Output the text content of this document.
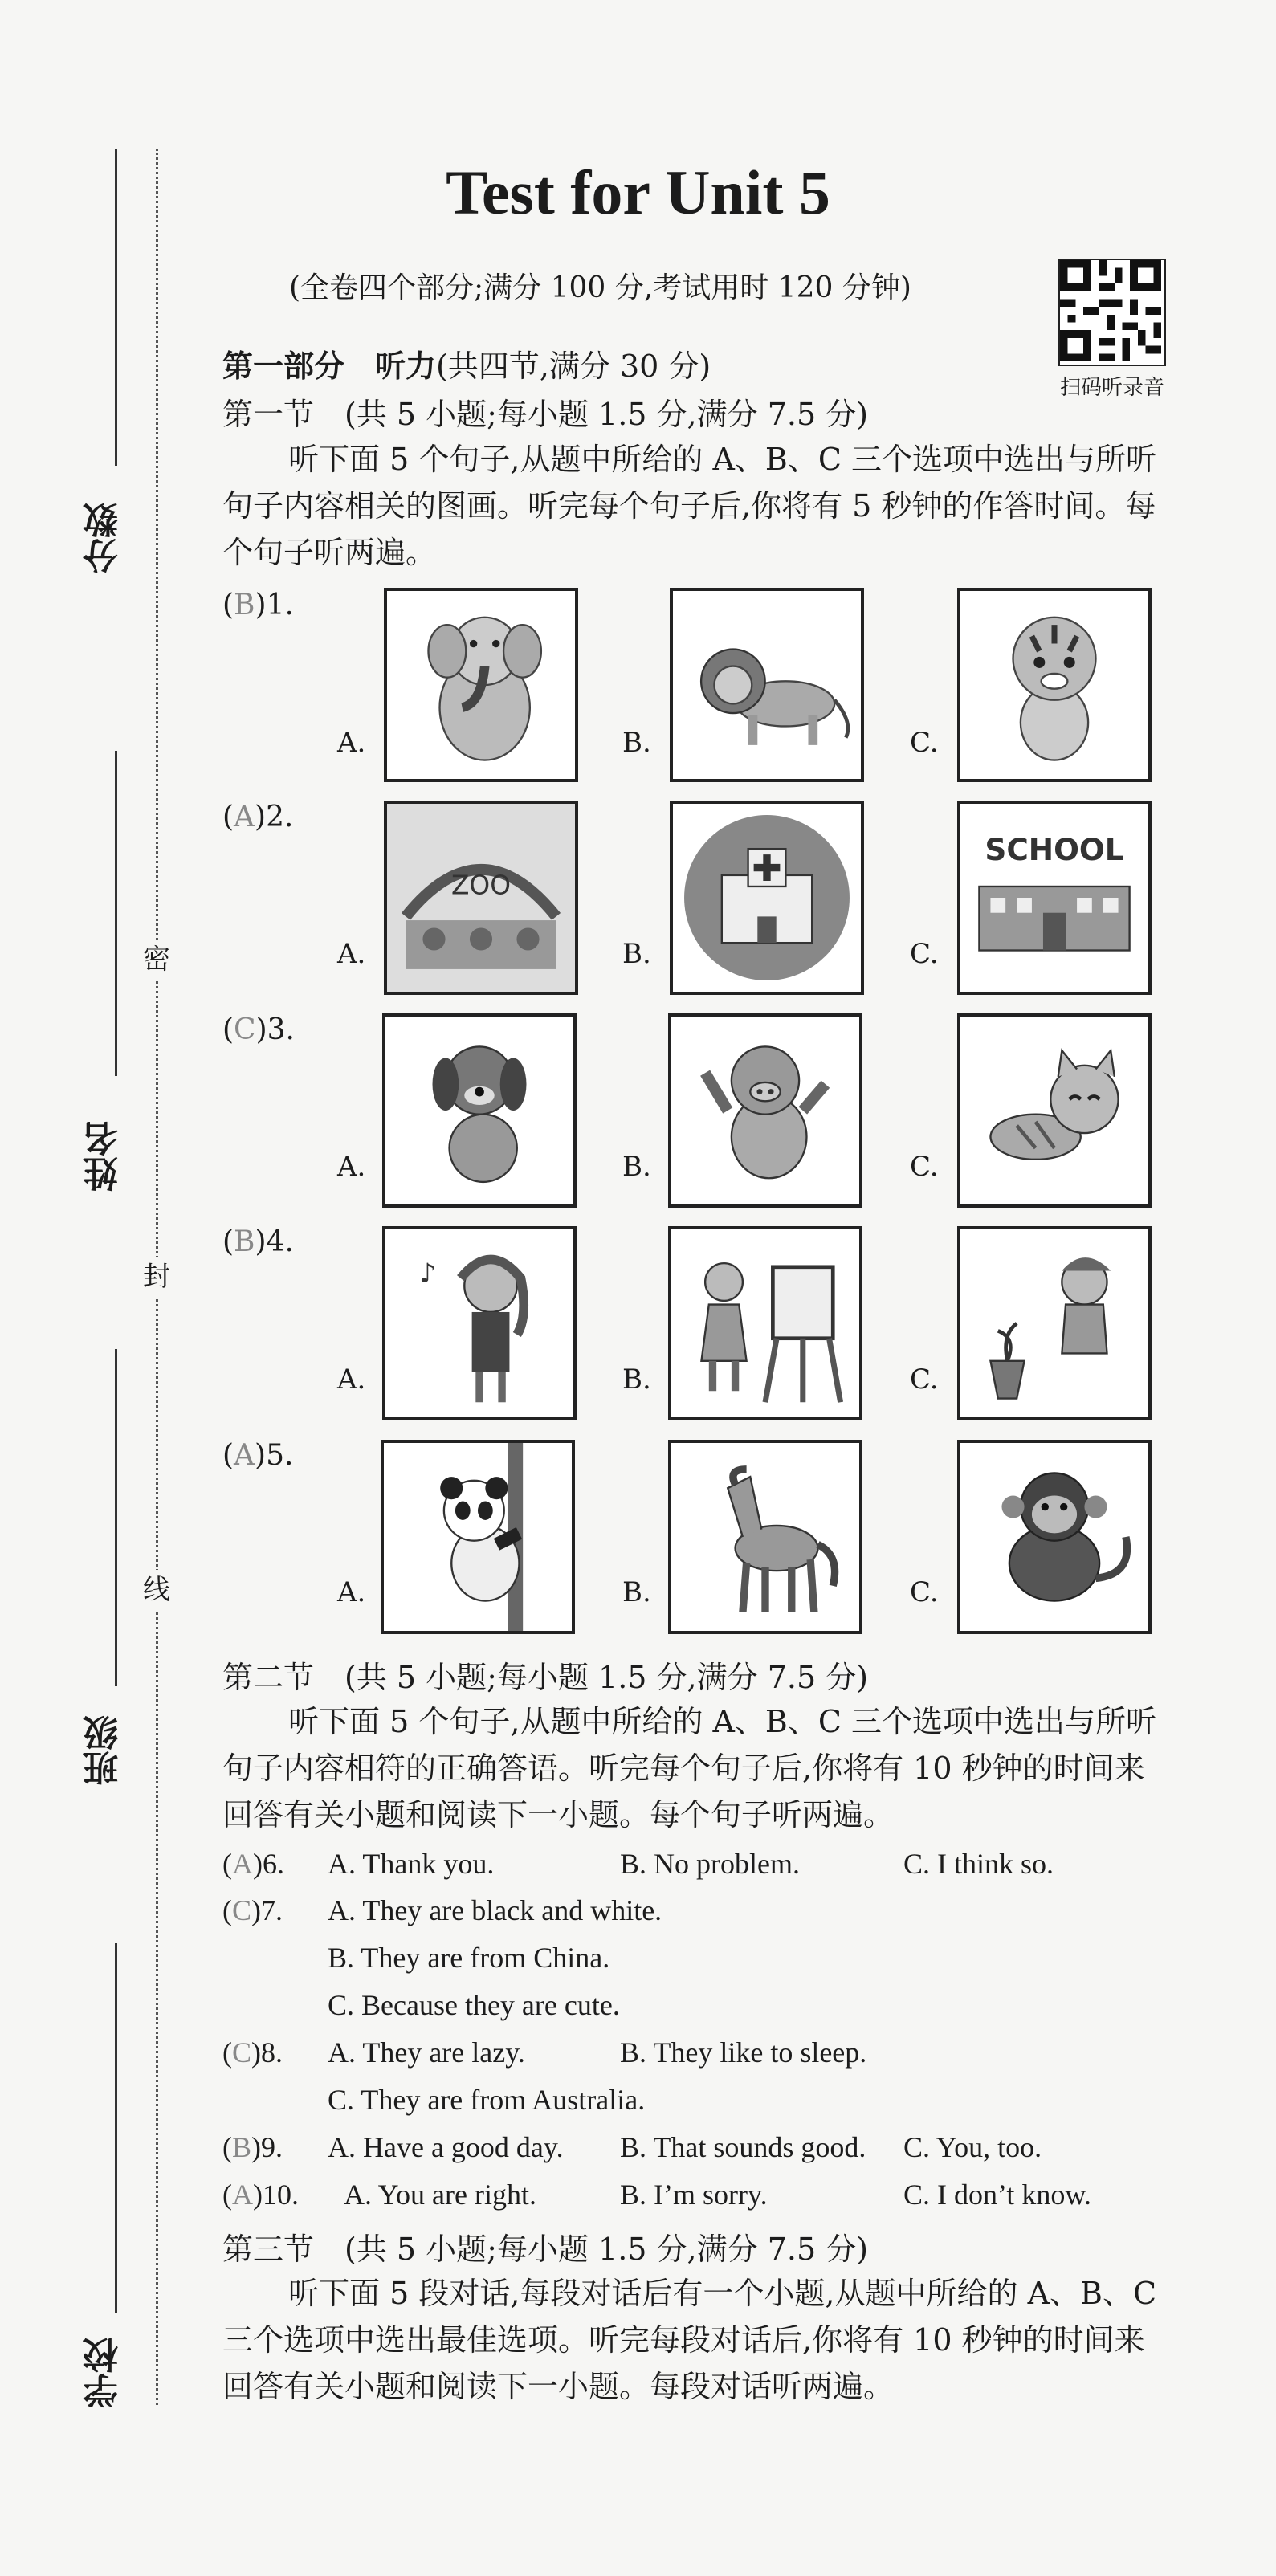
分数
姓名
班级
学校
密
封
线
Test for Unit 5
(全卷四个部分;满分 100 分,考试用时 120 分钟)
扫码听录音
第一部分　听力(共四节,满分 30 分)
第一节　(共 5 小题;每小题 1.5 分,满分 7.5 分)
听下面 5 个句子,从题中所给的 A、B、C 三个选项中选出与所听句子内容相关的图画。听完每个句子后,你将有 5 秒钟的作答时间。每个句子听两遍。
(B)1.
A.	B.	C.
(A)2.
A.
ZOO
B.	C.
SCHOOL
(C)3.
A.	B.	C.
(B)4.
A.
♪
B.	C.
(A)5.
A.	B.	C.
第二节　(共 5 小题;每小题 1.5 分,满分 7.5 分)
听下面 5 个句子,从题中所给的 A、B、C 三个选项中选出与所听句子内容相符的正确答语。听完每个句子后,你将有 10 秒钟的时间来回答有关小题和阅读下一小题。每个句子听两遍。
(A)6. A. Thank you.	B. No problem.	C. I think so.
(C)7. A. They are black and white.
B. They are from China.
C. Because they are cute.
(C)8. A. They are lazy.	B. They like to sleep.
C. They are from Australia.
(B)9. A. Have a good day. B. That sounds good. C. You, too.
(A)10. A. You are right.	B. I’m sorry.	C. I don’t know.
第三节　(共 5 小题;每小题 1.5 分,满分 7.5 分)
听下面 5 段对话,每段对话后有一个小题,从题中所给的 A、B、C 三个选项中选出最佳选项。听完每段对话后,你将有 10 秒钟的时间来回答有关小题和阅读下一小题。每段对话听两遍。
